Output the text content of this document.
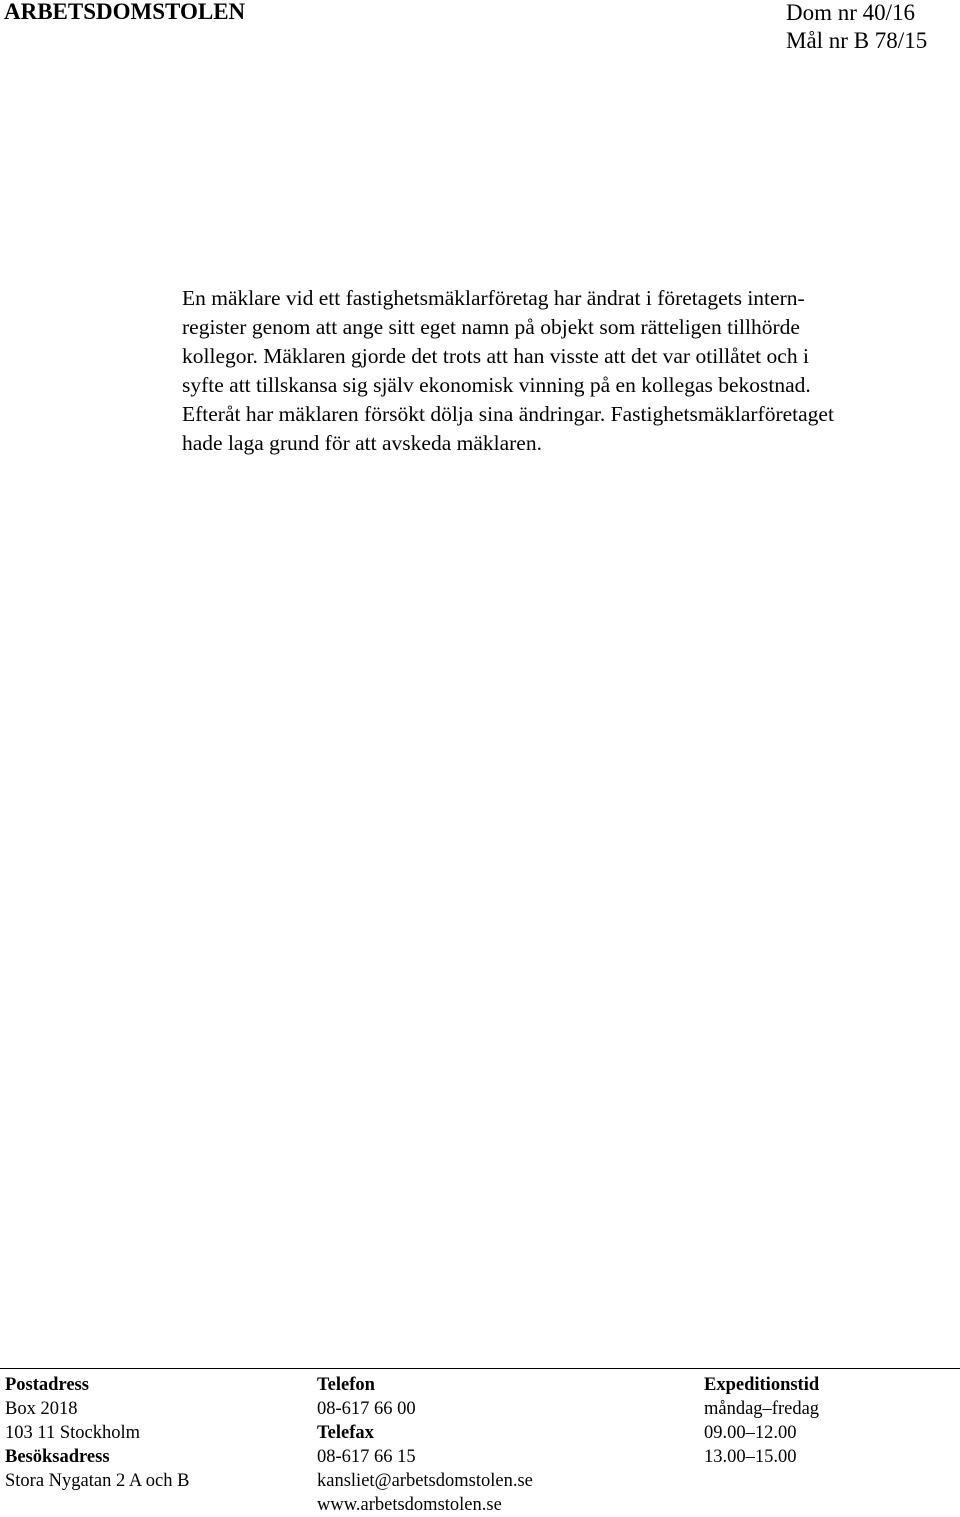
ARBETSDOMSTOLEN	Dom nr 40/16
Mål nr B 78/15
En mäklare vid ett fastighetsmäklarföretag har ändrat i företagets intern-
register genom att ange sitt eget namn på objekt som rätteligen tillhörde
kollegor. Mäklaren gjorde det trots att han visste att det var otillåtet och i
syfte att tillskansa sig själv ekonomisk vinning på en kollegas bekostnad.
Efteråt har mäklaren försökt dölja sina ändringar. Fastighetsmäklarföretaget
hade laga grund för att avskeda mäklaren.
Postadress
Box 2018
103 11 Stockholm
Besöksadress
Stora Nygatan 2 A och B
Telefon
08-617 66 00
Telefax
08-617 66 15
kansliet@arbetsdomstolen.se
www.arbetsdomstolen.se
Expeditionstid
måndag–fredag
09.00–12.00
13.00–15.00
